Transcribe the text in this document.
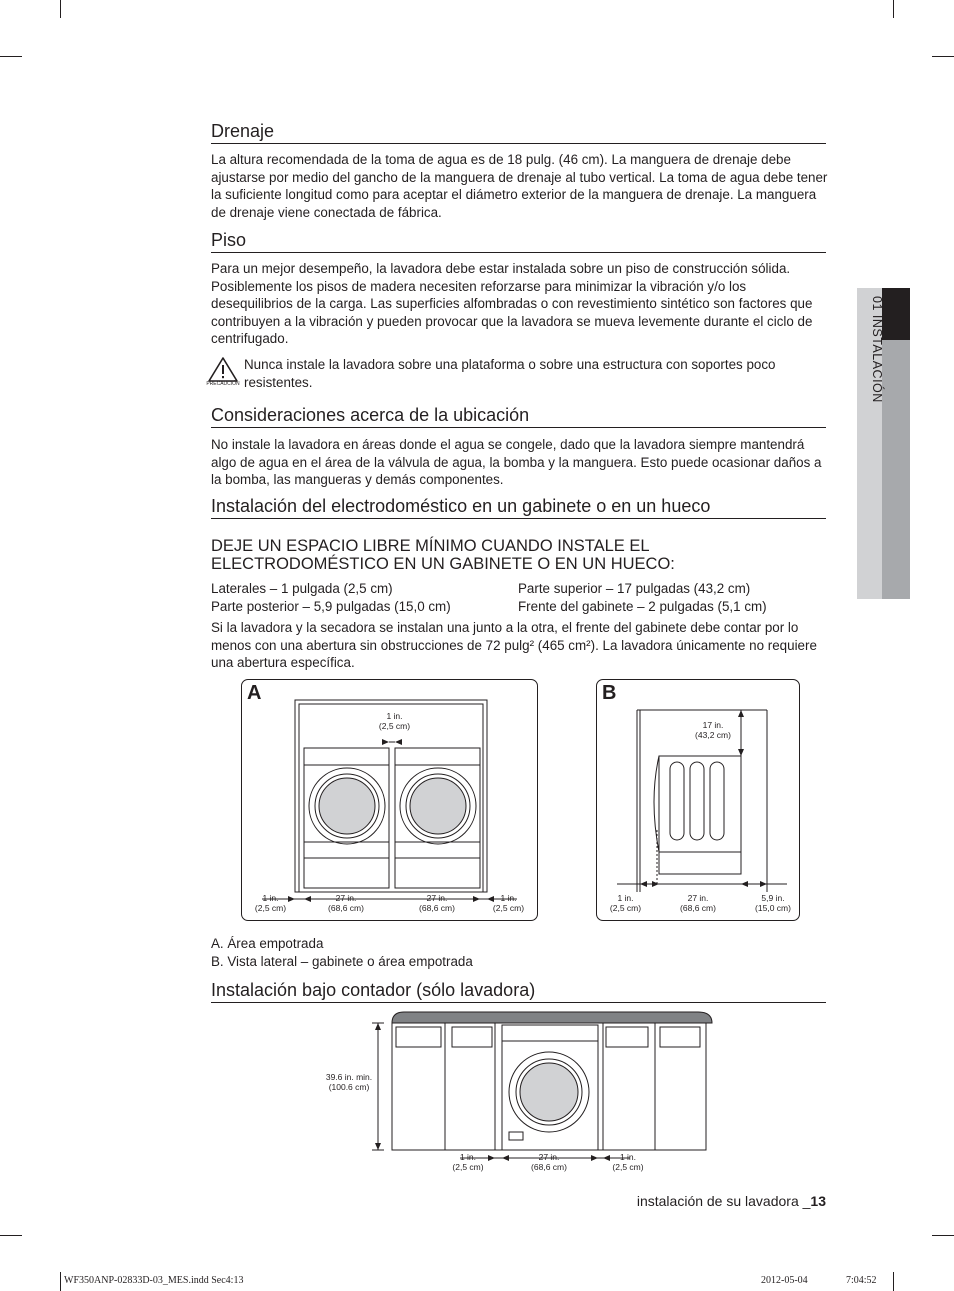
01 INSTALACIÓN
Drenaje

La altura recomendada de la toma de agua es de 18 pulg. (46 cm). La manguera de drenaje debe ajustarse por medio del gancho de la manguera de drenaje al tubo vertical. La toma de agua debe tener la suficiente longitud como para aceptar el diámetro exterior de la manguera de drenaje. La manguera de drenaje viene conectada de fábrica.

Piso

Para un mejor desempeño, la lavadora debe estar instalada sobre un piso de construcción sólida. Posiblemente los pisos de madera necesiten reforzarse para minimizar la vibración y/o los desequilibrios de la carga. Las superficies alfombradas o con revestimiento sintético son factores que contribuyen a la vibración y pueden provocar que la lavadora se mueva levemente durante el ciclo de centrifugado.

PRECAUCIÓN

Nunca instale la lavadora sobre una plataforma o sobre una estructura con soportes poco resistentes.

Consideraciones acerca de la ubicación

No instale la lavadora en áreas donde el agua se congele, dado que la lavadora siempre mantendrá algo de agua en el área de la válvula de agua, la bomba y la manguera. Esto puede ocasionar daños a la bomba, las mangueras y demás componentes.

Instalación del electrodoméstico en un gabinete o en un hueco
DEJE UN ESPACIO LIBRE MÍNIMO CUANDO INSTALE EL ELECTRODOMÉSTICO EN UN GABINETE O EN UN HUECO:
Laterales – 1 pulgada (2,5 cm)	Parte superior – 17 pulgadas (43,2 cm)
Parte posterior – 5,9 pulgadas (15,0 cm)	Frente del gabinete – 2 pulgadas (5,1 cm)

Si la lavadora y la secadora se instalan una junto a la otra, el frente del gabinete debe contar por lo menos con una abertura sin obstrucciones de 72 pulg² (465 cm²). La lavadora únicamente no requiere una abertura específica.

A
1 in.
(2,5 cm)
1 in.
(2,5 cm)
27 in.
(68,6 cm)
27 in.
(68,6 cm)
1 in.
(2,5 cm)
B
17 in.
(43,2 cm)
1 in.
(2,5 cm)
27 in.
(68,6 cm)
5,9 in.
(15,0 cm)
A. Área empotrada
B. Vista lateral – gabinete o área empotrada
Instalación bajo contador (sólo lavadora)
39.6 in. min.
(100.6 cm)
1 in.
(2,5 cm)
27 in.
(68,6 cm)
1 in.
(2,5 cm)
instalación de su lavadora _13
WF350ANP-02833D-03_MES.indd Sec4:13	2012-05-04	7:04:52
